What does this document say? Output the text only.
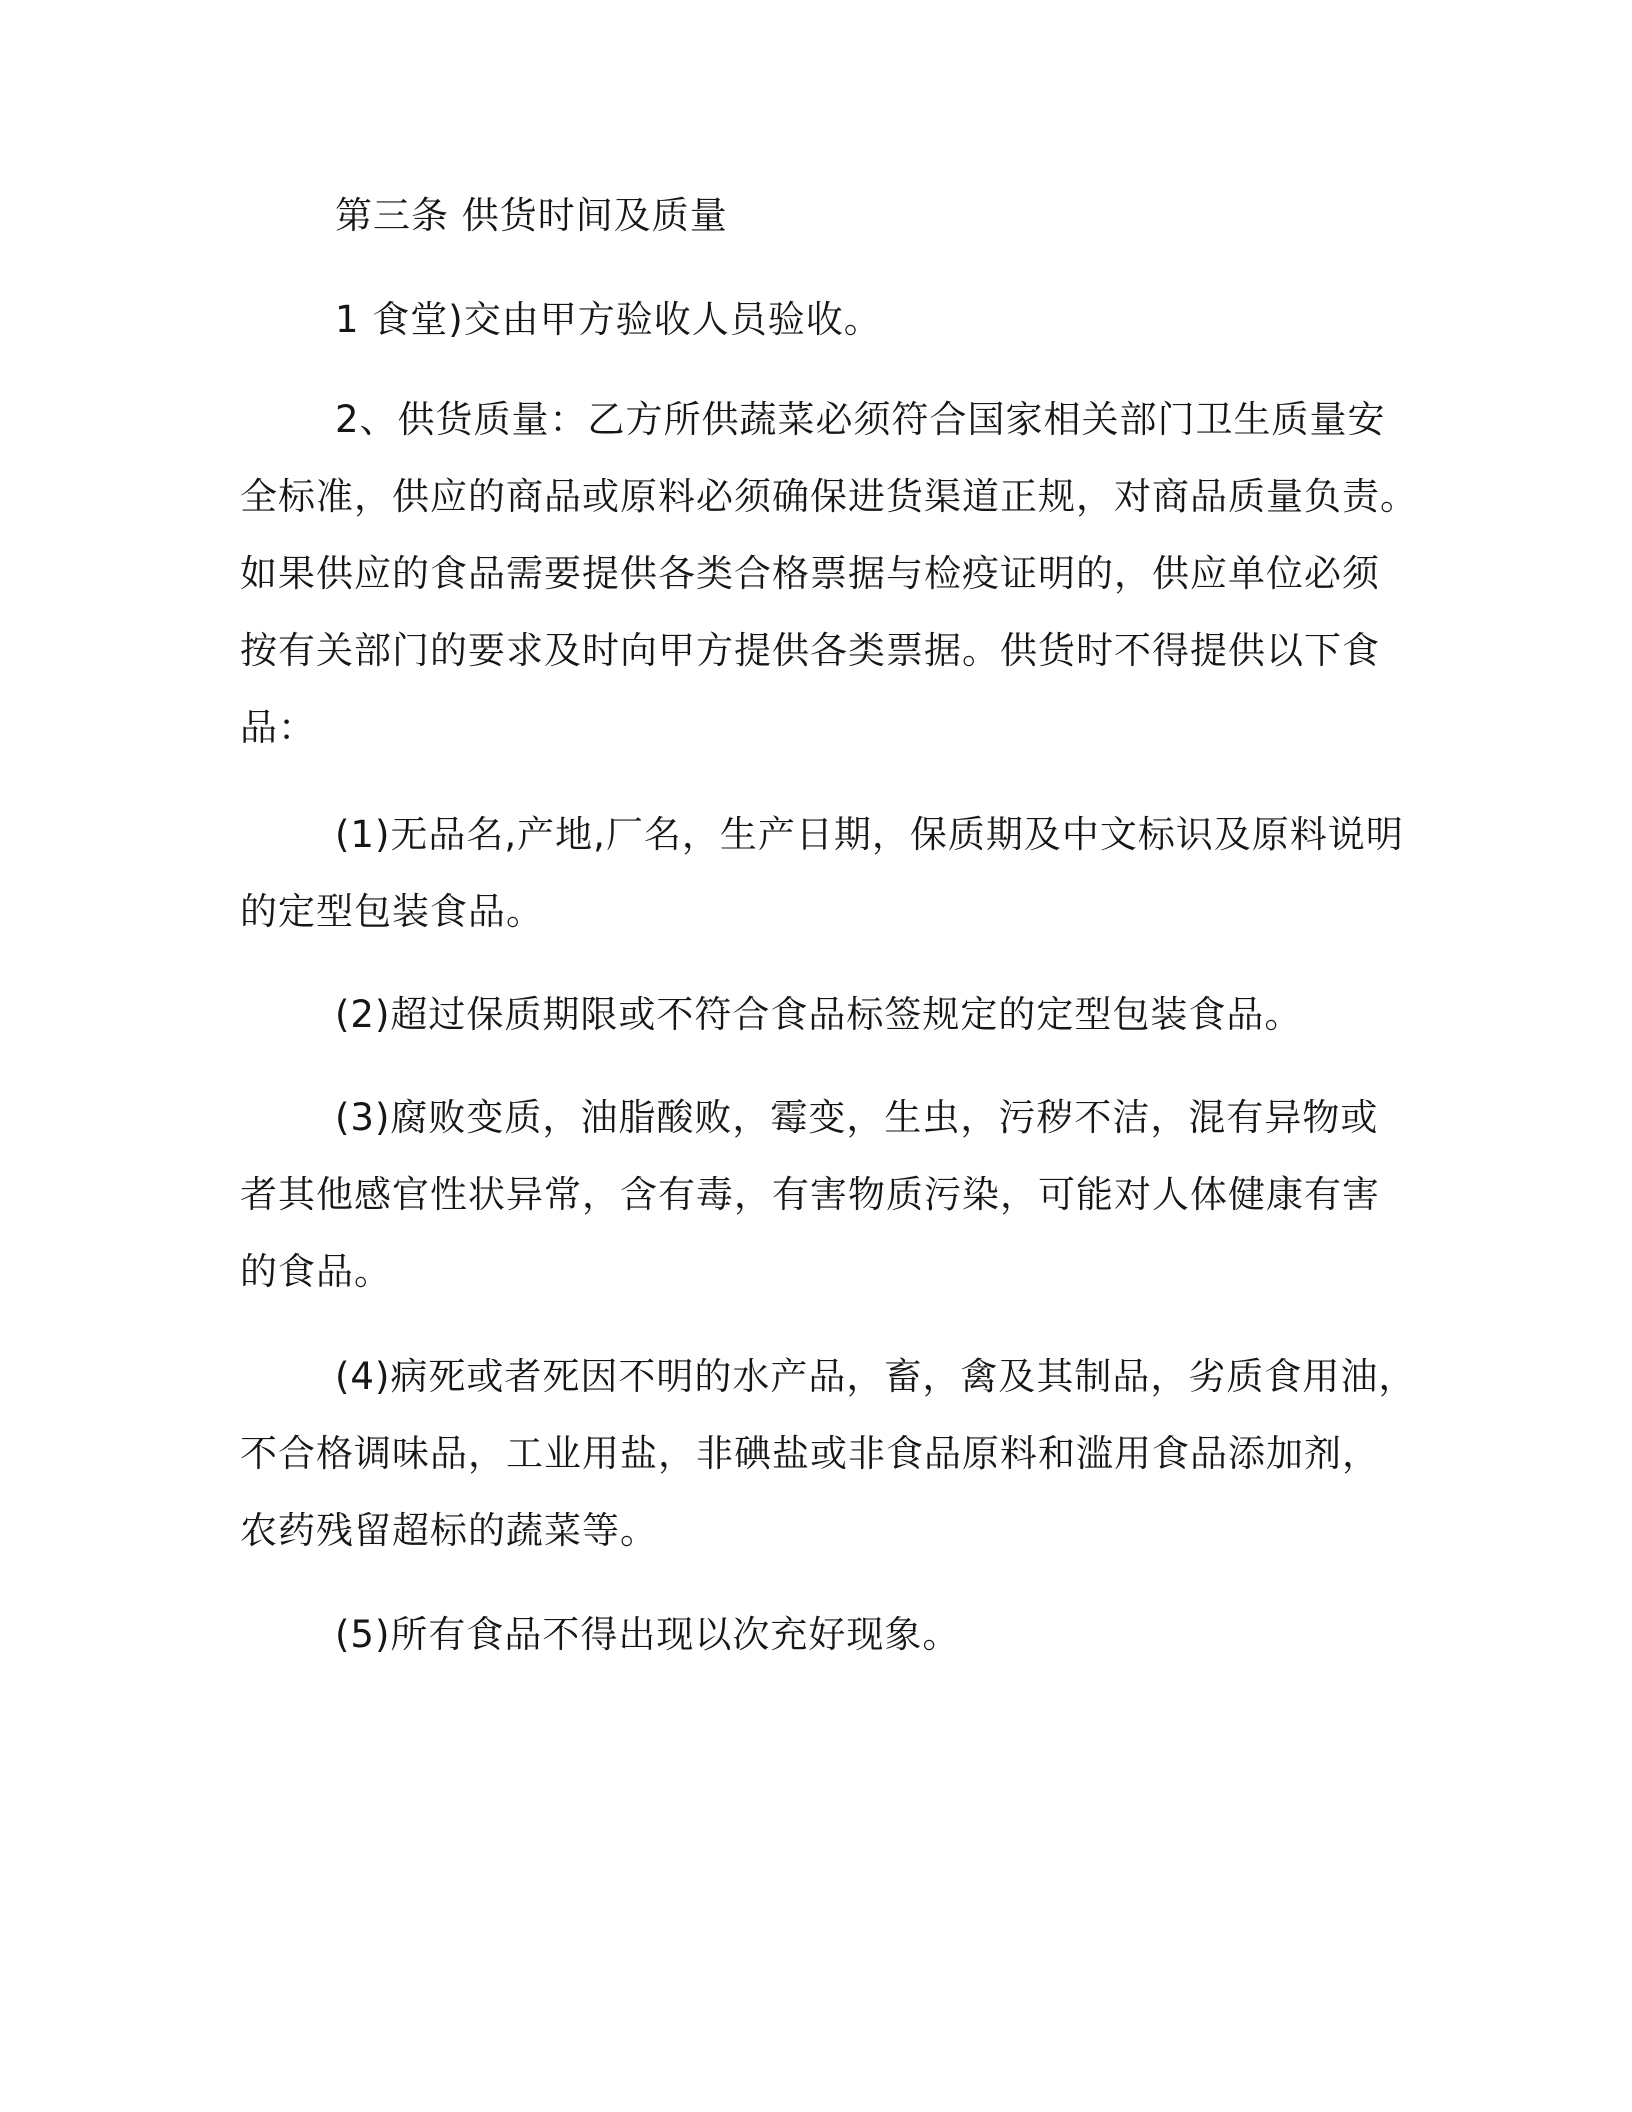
第三条 供货时间及质量
1 食堂)交由甲方验收人员验收。
2、供货质量：乙方所供蔬菜必须符合国家相关部门卫生质量安
全标准，供应的商品或原料必须确保进货渠道正规，对商品质量负责。
如果供应的食品需要提供各类合格票据与检疫证明的，供应单位必须
按有关部门的要求及时向甲方提供各类票据。供货时不得提供以下食
品：
(1)无品名,产地,厂名，生产日期，保质期及中文标识及原料说明
的定型包装食品。
(2)超过保质期限或不符合食品标签规定的定型包装食品。
(3)腐败变质，油脂酸败，霉变，生虫，污秽不洁，混有异物或
者其他感官性状异常，含有毒，有害物质污染，可能对人体健康有害
的食品。
(4)病死或者死因不明的水产品，畜，禽及其制品，劣质食用油，
不合格调味品，工业用盐，非碘盐或非食品原料和滥用食品添加剂，
农药残留超标的蔬菜等。
(5)所有食品不得出现以次充好现象。
